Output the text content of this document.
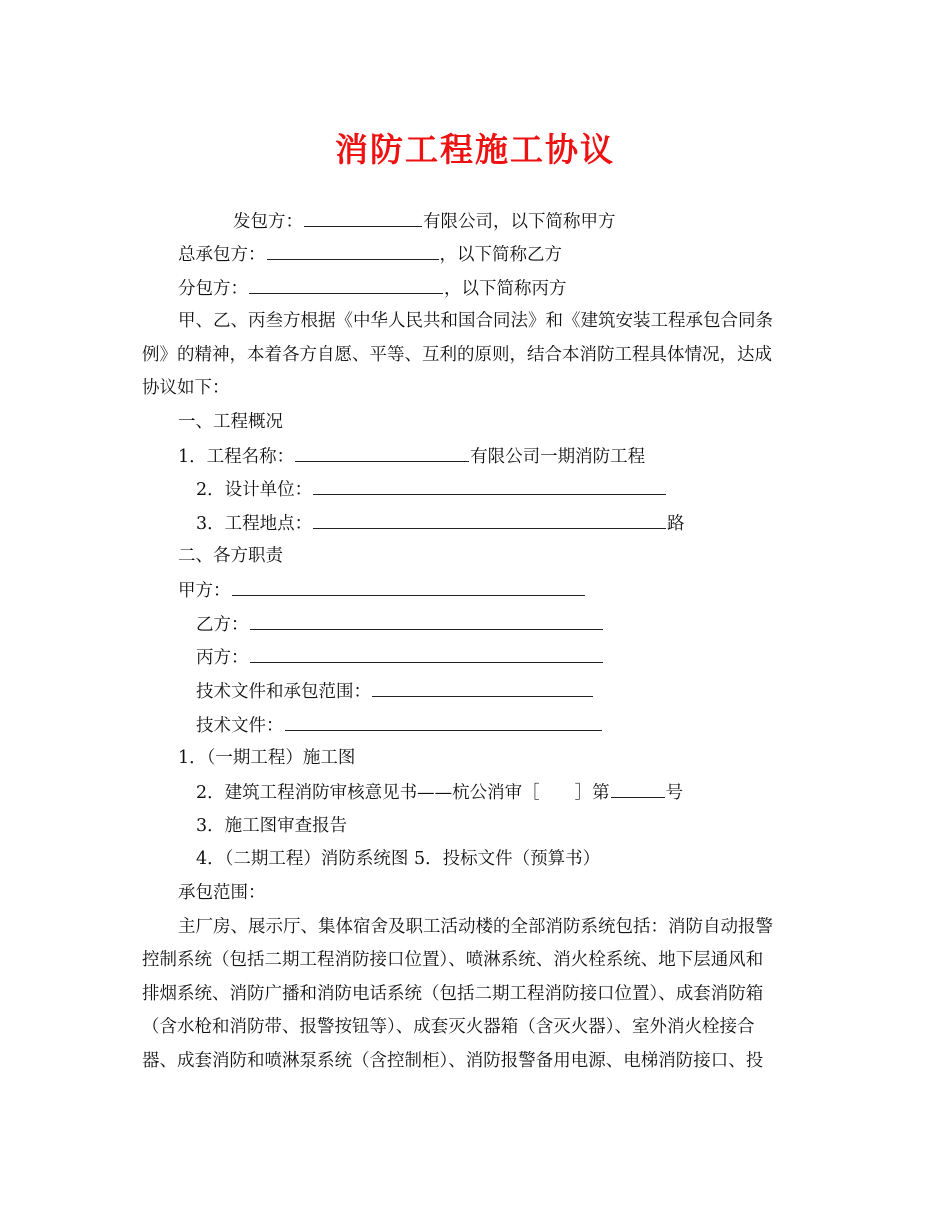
消防工程施工协议
发包方：	有限公司，以下简称甲方
总承包方：	，以下简称乙方
分包方：	，以下简称丙方
甲、乙、丙叁方根据《中华人民共和国合同法》和《建筑安装工程承包合同条
例》的精神，本着各方自愿、平等、互利的原则，结合本消防工程具体情况，达成
协议如下：
一、工程概况
1．工程名称：	有限公司一期消防工程
2．设计单位：
3．工程地点：	路
二、各方职责
甲方：
乙方：
丙方：
技术文件和承包范围：
技术文件：
1．（一期工程）施工图
2．建筑工程消防审核意见书——杭公消审［　　］第	号
3．施工图审查报告
4．（二期工程）消防系统图 5．投标文件（预算书）
承包范围：
主厂房、展示厅、集体宿舍及职工活动楼的全部消防系统包括：消防自动报警
控制系统（包括二期工程消防接口位置）、喷淋系统、消火栓系统、地下层通风和
排烟系统、消防广播和消防电话系统（包括二期工程消防接口位置）、成套消防箱
（含水枪和消防带、报警按钮等）、成套灭火器箱（含灭火器）、室外消火栓接合
器、成套消防和喷淋泵系统（含控制柜）、消防报警备用电源、电梯消防接口、投
